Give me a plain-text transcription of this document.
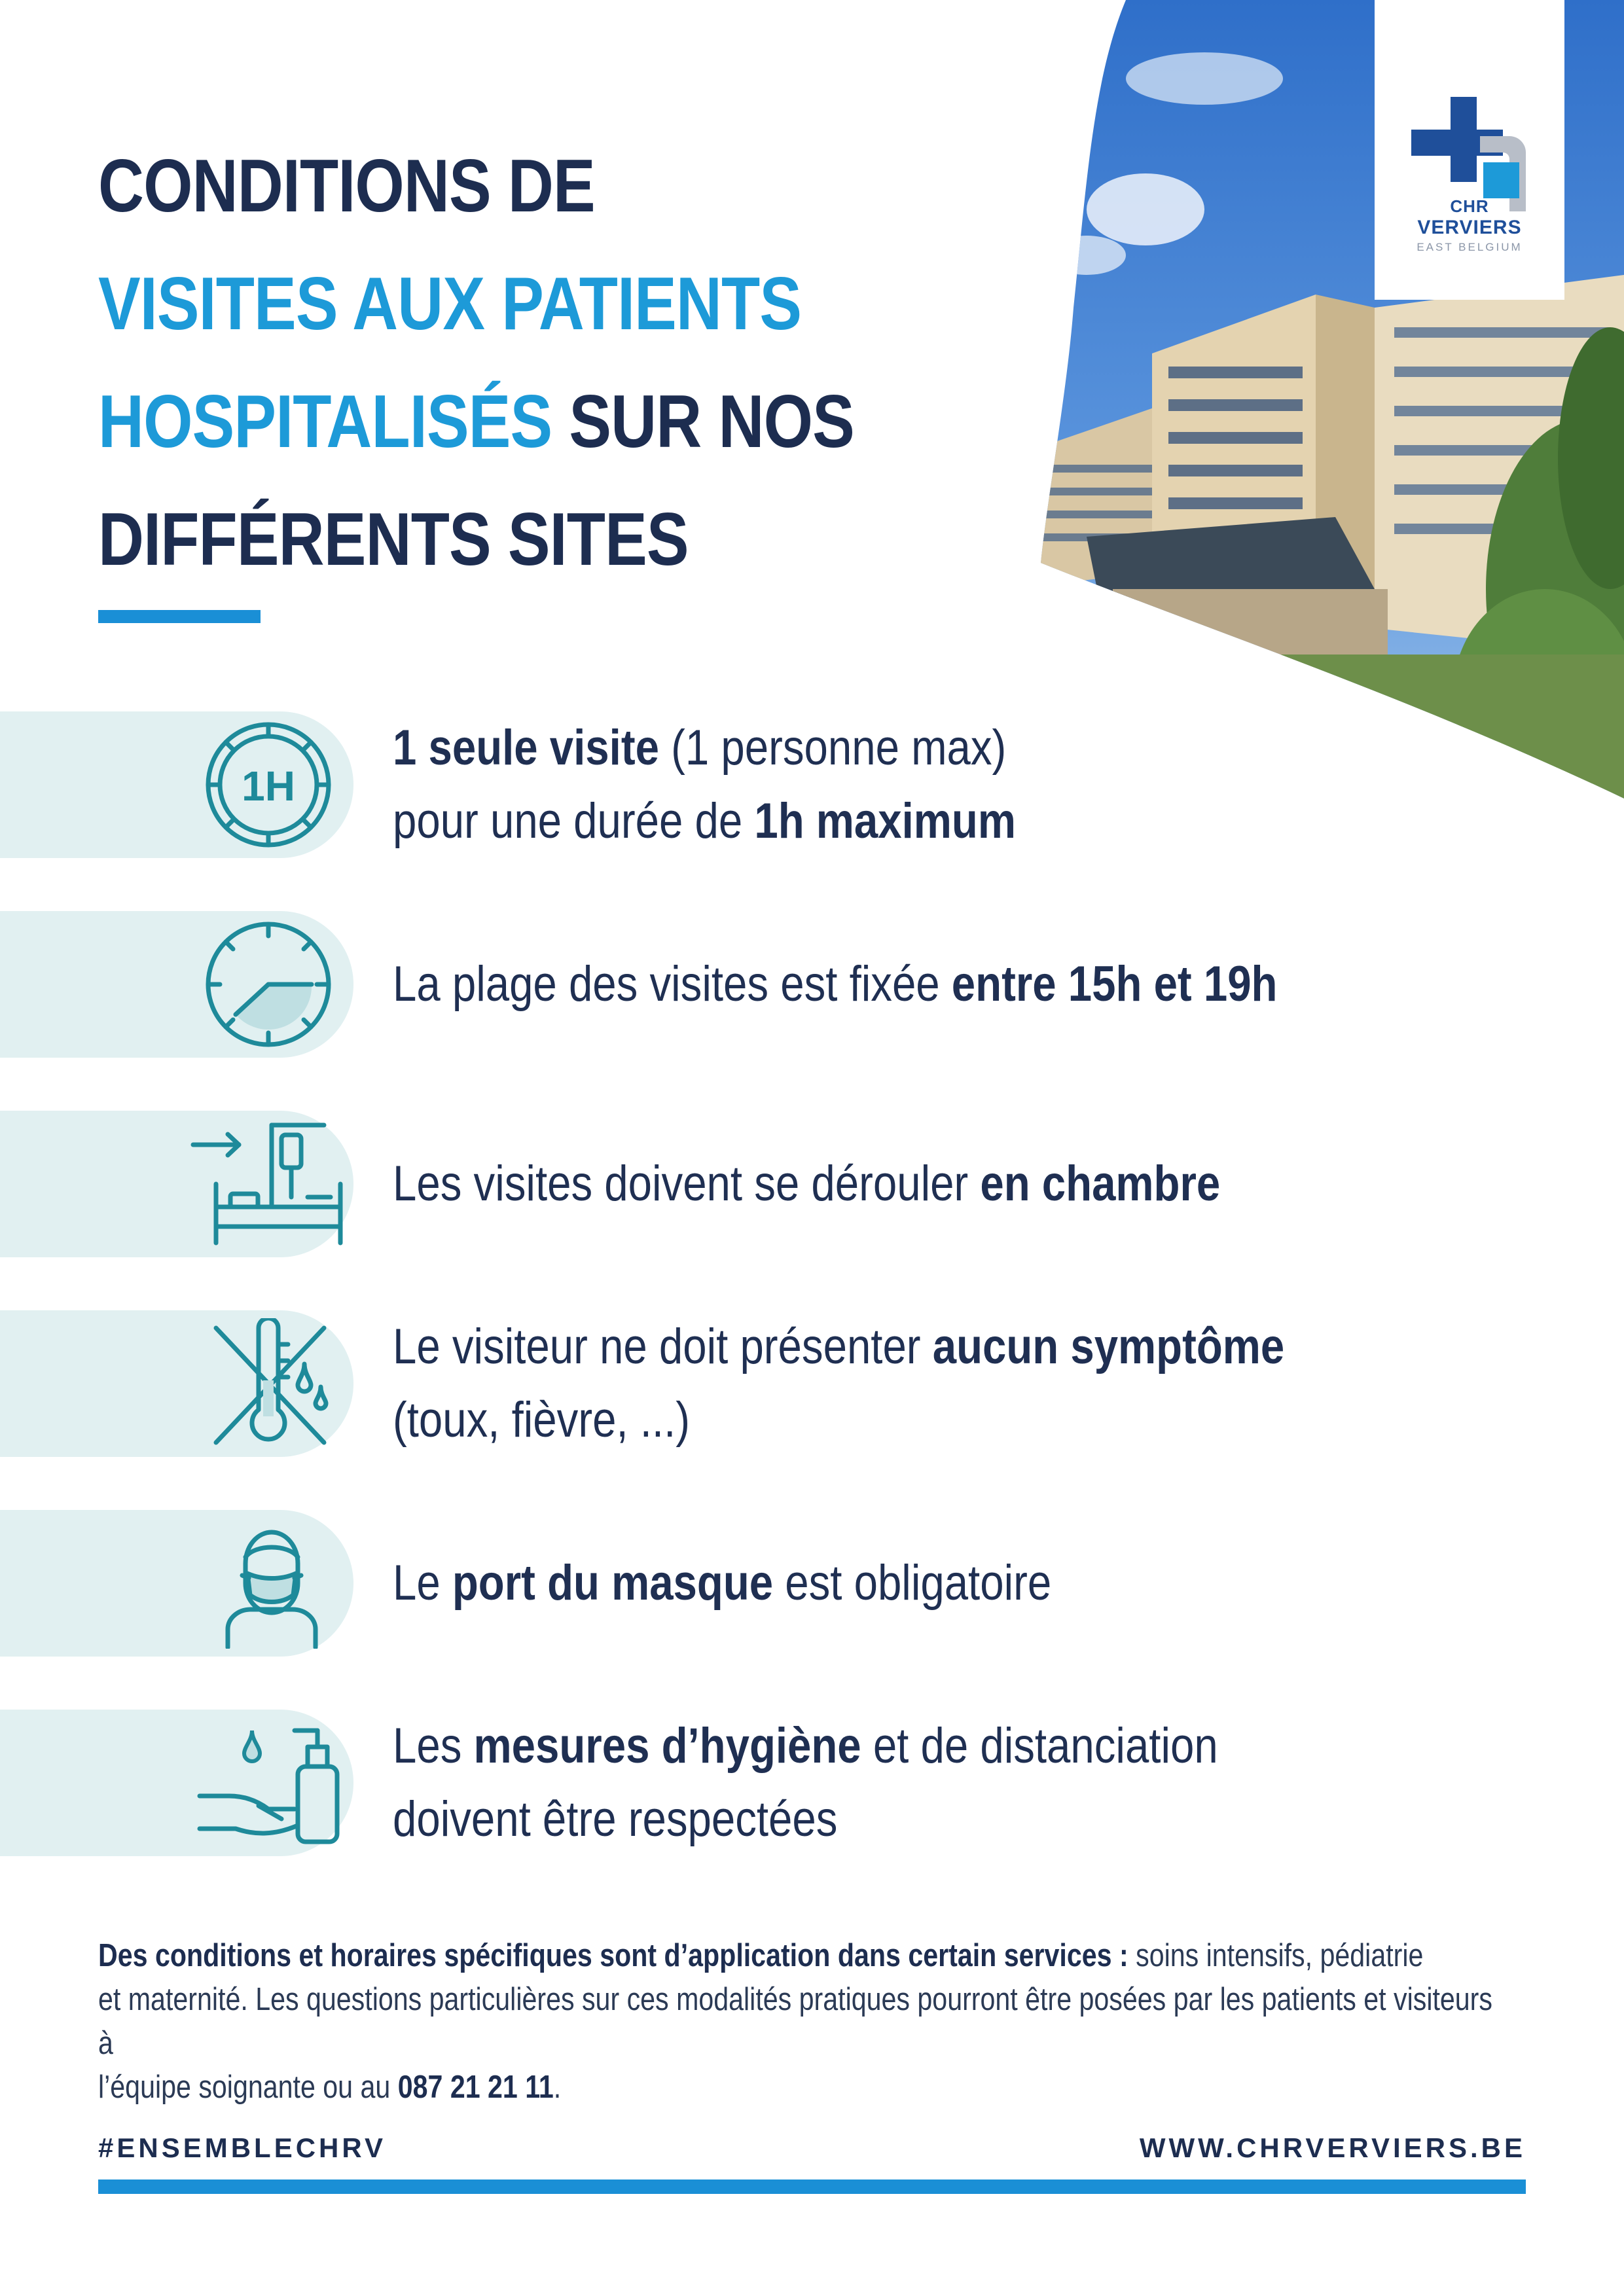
CHR
VERVIERS
EAST BELGIUM
CONDITIONS DE
VISITES AUX PATIENTS
HOSPITALISÉS SUR NOS
DIFFÉRENTS SITES
1H
1 seule visite (1 personne max)
pour une durée de 1h maximum
La plage des visites est fixée entre 15h et 19h
Les visites doivent se dérouler en chambre
Le visiteur ne doit présenter aucun symptôme
(toux, fièvre, ...)
Le port du masque est obligatoire
Les mesures d’hygiène et de distanciation
doivent être respectées
Des conditions et horaires spécifiques sont d’application dans certain services : soins intensifs, pédiatrie
et maternité. Les questions particulières sur ces modalités pratiques pourront être posées par les patients et visiteurs à
l’équipe soignante ou au 087 21 21 11.
#ENSEMBLECHRV	WWW.CHRVERVIERS.BE
